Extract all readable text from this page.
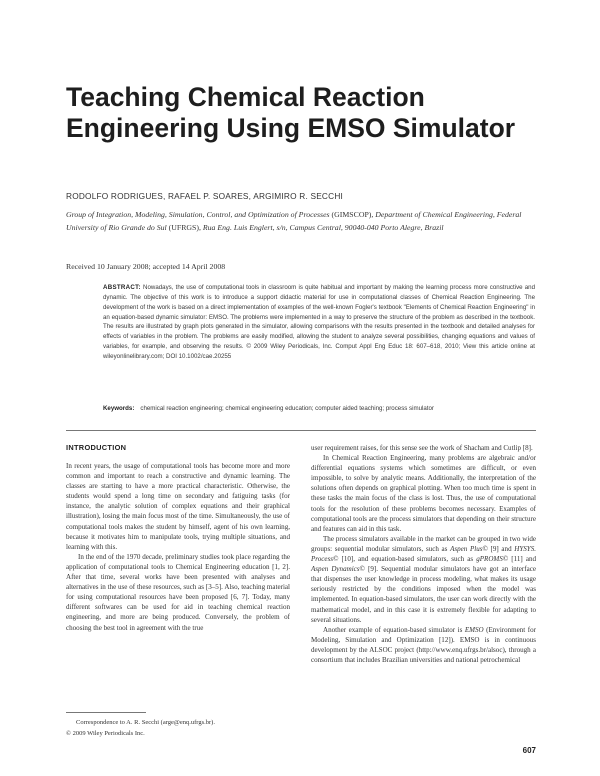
Teaching Chemical Reaction Engineering Using EMSO Simulator
RODOLFO RODRIGUES, RAFAEL P. SOARES, ARGIMIRO R. SECCHI
Group of Integration, Modeling, Simulation, Control, and Optimization of Processes (GIMSCOP), Department of Chemical Engineering, Federal University of Rio Grande do Sul (UFRGS), Rua Eng. Luis Englert, s/n, Campus Central, 90040-040 Porto Alegre, Brazil
Received 10 January 2008; accepted 14 April 2008
ABSTRACT: Nowadays, the use of computational tools in classroom is quite habitual and important by making the learning process more constructive and dynamic. The objective of this work is to introduce a support didactic material for use in computational classes of Chemical Reaction Engineering. The development of the work is based on a direct implementation of examples of the well-known Fogler's textbook "Elements of Chemical Reaction Engineering" in an equation-based dynamic simulator: EMSO. The problems were implemented in a way to preserve the structure of the problem as described in the textbook. The results are illustrated by graph plots generated in the simulator, allowing comparisons with the results presented in the textbook and detailed analyses for effects of variables in the problem. The problems are easily modified, allowing the student to analyze several possibilities, changing equations and values of variables, for example, and observing the results. © 2009 Wiley Periodicals, Inc. Comput Appl Eng Educ 18: 607–618, 2010; View this article online at wileyonlinelibrary.com; DOI 10.1002/cae.20255
Keywords: chemical reaction engineering; chemical engineering education; computer aided teaching; process simulator
INTRODUCTION

In recent years, the usage of computational tools has become more and more common and important to reach a constructive and dynamic learning. The classes are starting to have a more practical characteristic. Otherwise, the students would spend a long time on secondary and fatiguing tasks (for instance, the analytic solution of complex equations and their graphical illustration), losing the main focus most of the time. Simultaneously, the use of computational tools makes the student by himself, agent of his own learning, because it motivates him to manipulate tools, trying multiple situations, and learning with this.

In the end of the 1970 decade, preliminary studies took place regarding the application of computational tools to Chemical Engineering education [1, 2]. After that time, several works have been presented with analyses and alternatives in the use of these resources, such as [3–5]. Also, teaching material for using computational resources have been proposed [6, 7]. Today, many different softwares can be used for aid in teaching chemical reaction engineering, and more are being produced. Conversely, the problem of choosing the best tool in agreement with the true

user requirement raises, for this sense see the work of Shacham and Cutlip [8].

In Chemical Reaction Engineering, many problems are algebraic and/or differential equations systems which sometimes are difficult, or even impossible, to solve by analytic means. Additionally, the interpretation of the solutions often depends on graphical plotting. When too much time is spent in these tasks the main focus of the class is lost. Thus, the use of computational tools for the resolution of these problems becomes necessary. Examples of computational tools are the process simulators that depending on their structure and features can aid in this task.

The process simulators available in the market can be grouped in two wide groups: sequential modular simulators, such as Aspen Plus© [9] and HYSYS. Process© [10], and equation-based simulators, such as gPROMS© [11] and Aspen Dynamics© [9]. Sequential modular simulators have got an interface that dispenses the user knowledge in process modeling, what makes its usage seriously restricted by the conditions imposed when the model was implemented. In equation-based simulators, the user can work directly with the mathematical model, and in this case it is extremely flexible for adapting to several situations.

Another example of equation-based simulator is EMSO (Environment for Modeling, Simulation and Optimization [12]). EMSO is in continuous development by the ALSOC project (http://www.enq.ufrgs.br/alsoc), through a consortium that includes Brazilian universities and national petrochemical

Correspondence to A. R. Secchi (arge@enq.ufrgs.br).
© 2009 Wiley Periodicals Inc.
607
